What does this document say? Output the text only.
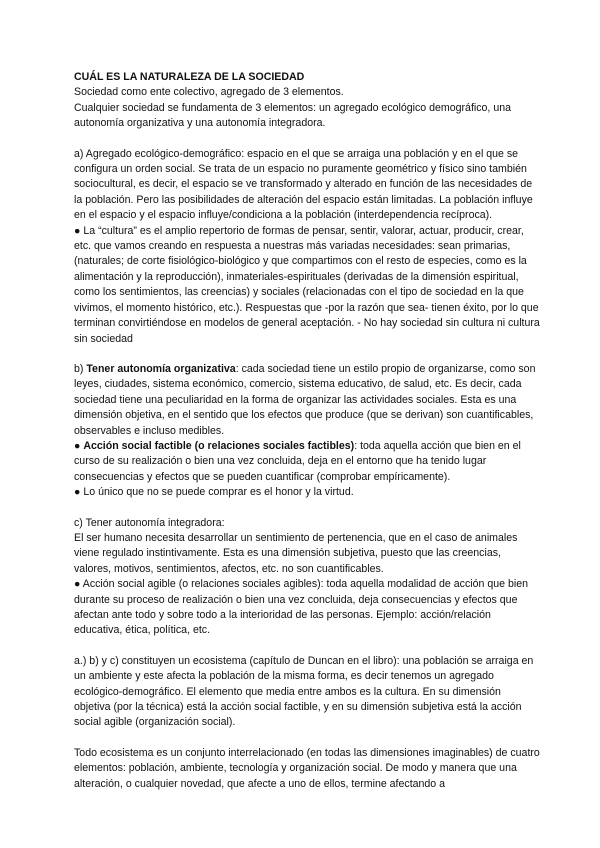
CUÁL ES LA NATURALEZA DE LA SOCIEDAD

Sociedad como ente colectivo, agregado de 3 elementos.

Cualquier sociedad se fundamenta de 3 elementos: un agregado ecológico demográfico, una autonomía organizativa y una autonomía integradora.

a) Agregado ecológico-demográfico: espacio en el que se arraiga una población y en el que se configura un orden social. Se trata de un espacio no puramente geométrico y físico sino también sociocultural, es decir, el espacio se ve transformado y alterado en función de las necesidades de la población. Pero las posibilidades de alteración del espacio están limitadas. La población influye en el espacio y el espacio influye/condiciona a la población (interdependencia recíproca).

● La “cultura” es el amplio repertorio de formas de pensar, sentir, valorar, actuar, producir, crear, etc. que vamos creando en respuesta a nuestras más variadas necesidades: sean primarias, (naturales; de corte fisiológico-biológico y que compartimos con el resto de especies, como es la alimentación y la reproducción), inmateriales-espirituales (derivadas de la dimensión espiritual, como los sentimientos, las creencias) y sociales (relacionadas con el tipo de sociedad en la que vivimos, el momento histórico, etc.). Respuestas que -por la razón que sea- tienen éxito, por lo que terminan convirtiéndose en modelos de general aceptación. - No hay sociedad sin cultura ni cultura sin sociedad

b) Tener autonomía organizativa: cada sociedad tiene un estilo propio de organizarse, como son leyes, ciudades, sistema económico, comercio, sistema educativo, de salud, etc. Es decir, cada sociedad tiene una peculiaridad en la forma de organizar las actividades sociales. Esta es una dimensión objetiva, en el sentido que los efectos que produce (que se derivan) son cuantificables, observables e incluso medibles.

● Acción social factible (o relaciones sociales factibles): toda aquella acción que bien en el curso de su realización o bien una vez concluida, deja en el entorno que ha tenido lugar consecuencias y efectos que se pueden cuantificar (comprobar empíricamente).

● Lo único que no se puede comprar es el honor y la virtud.

c) Tener autonomía integradora:

El ser humano necesita desarrollar un sentimiento de pertenencia, que en el caso de animales viene regulado instintivamente. Esta es una dimensión subjetiva, puesto que las creencias, valores, motivos, sentimientos, afectos, etc. no son cuantificables.

● Acción social agible (o relaciones sociales agibles): toda aquella modalidad de acción que bien durante su proceso de realización o bien una vez concluida, deja consecuencias y efectos que afectan ante todo y sobre todo a la interioridad de las personas. Ejemplo: acción/relación educativa, ética, política, etc.

a.) b) y c) constituyen un ecosistema (capítulo de Duncan en el libro): una población se arraiga en un ambiente y este afecta la población de la misma forma, es decir tenemos un agregado ecológico-demográfico. El elemento que media entre ambos es la cultura. En su dimensión objetiva (por la técnica) está la acción social factible, y en su dimensión subjetiva está la acción social agible (organización social).

Todo ecosistema es un conjunto interrelacionado (en todas las dimensiones imaginables) de cuatro elementos: población, ambiente, tecnología y organización social. De modo y manera que una alteración, o cualquier novedad, que afecte a uno de ellos, termine afectando a
